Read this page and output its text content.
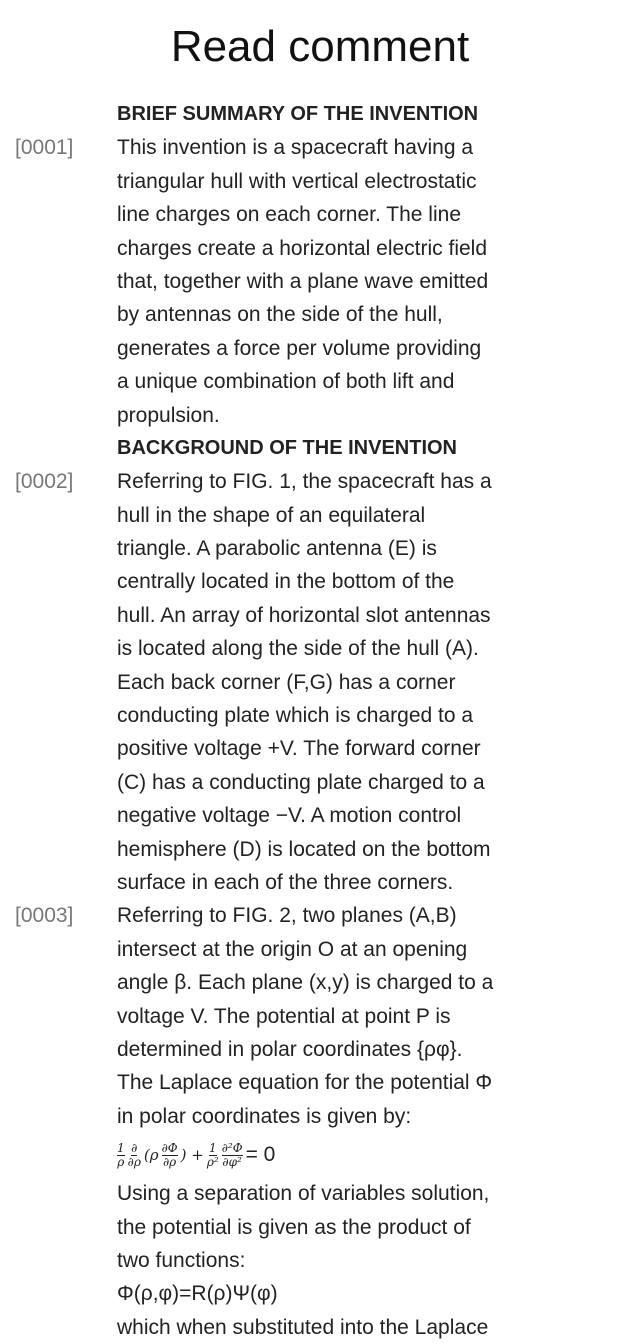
Read comment
BRIEF SUMMARY OF THE INVENTION
[0001] This invention is a spacecraft having a
triangular hull with vertical electrostatic
line charges on each corner. The line
charges create a horizontal electric field
that, together with a plane wave emitted
by antennas on the side of the hull,
generates a force per volume providing
a unique combination of both lift and
propulsion.
BACKGROUND OF THE INVENTION
[0002] Referring to FIG. 1, the spacecraft has a
hull in the shape of an equilateral
triangle. A parabolic antenna (E) is
centrally located in the bottom of the
hull. An array of horizontal slot antennas
is located along the side of the hull (A).
Each back corner (F,G) has a corner
conducting plate which is charged to a
positive voltage +V. The forward corner
(C) has a conducting plate charged to a
negative voltage −V. A motion control
hemisphere (D) is located on the bottom
surface in each of the three corners.
[0003] Referring to FIG. 2, two planes (A,B)
intersect at the origin O at an opening
angle β. Each plane (x,y) is charged to a
voltage V. The potential at point P is
determined in polar coordinates {ρφ}.
The Laplace equation for the potential Φ
in polar coordinates is given by:
$\frac{1}{\rho} \frac{\partial}{\partial\rho} (\rho \frac{\partial\Phi}{\partial\rho}$ ) + $\frac{1}{\text{ρ²}} \frac{\text{∂²Φ}}{\text{∂φ²}} = 0$
Using a separation of variables solution,
the potential is given as the product of
two functions:
Φ(ρ,φ)=R(ρ)Ψ(φ)
which when substituted into the Laplace
